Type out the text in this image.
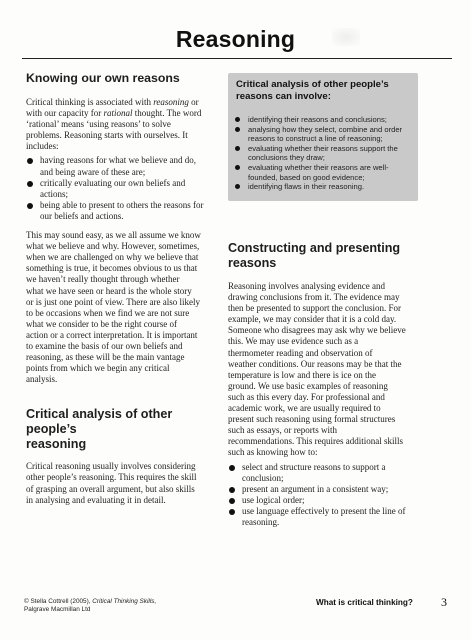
Reasoning
Knowing our own reasons

Critical thinking is associated with reasoning or
with our capacity for rational thought. The word
‘rational’ means ‘using reasons’ to solve
problems. Reasoning starts with ourselves. It
includes:

having reasons for what we believe and do,
and being aware of these are;
critically evaluating our own beliefs and
actions;
being able to present to others the reasons for
our beliefs and actions.

This may sound easy, as we all assume we know
what we believe and why. However, sometimes,
when we are challenged on why we believe that
something is true, it becomes obvious to us that
we haven’t really thought through whether
what we have seen or heard is the whole story
or is just one point of view. There are also likely
to be occasions when we find we are not sure
what we consider to be the right course of
action or a correct interpretation. It is important
to examine the basis of our own beliefs and
reasoning, as these will be the main vantage
points from which we begin any critical
analysis.

Critical analysis of other people’s
reasoning

Critical reasoning usually involves considering
other people’s reasoning. This requires the skill
of grasping an overall argument, but also skills
in analysing and evaluating it in detail.

Critical analysis of other people’s
reasons can involve:
identifying their reasons and conclusions;
analysing how they select, combine and order
reasons to construct a line of reasoning;
evaluating whether their reasons support the
conclusions they draw;
evaluating whether their reasons are well-
founded, based on good evidence;
identifying flaws in their reasoning.
Constructing and presenting
reasons

Reasoning involves analysing evidence and
drawing conclusions from it. The evidence may
then be presented to support the conclusion. For
example, we may consider that it is a cold day.
Someone who disagrees may ask why we believe
this. We may use evidence such as a
thermometer reading and observation of
weather conditions. Our reasons may be that the
temperature is low and there is ice on the
ground. We use basic examples of reasoning
such as this every day. For professional and
academic work, we are usually required to
present such reasoning using formal structures
such as essays, or reports with
recommendations. This requires additional skills
such as knowing how to:

select and structure reasons to support a
conclusion;
present an argument in a consistent way;
use logical order;
use language effectively to present the line of
reasoning.
© Stella Cottrell (2005), Critical Thinking Skills,
Palgrave Macmillan Ltd
What is critical thinking?	3
